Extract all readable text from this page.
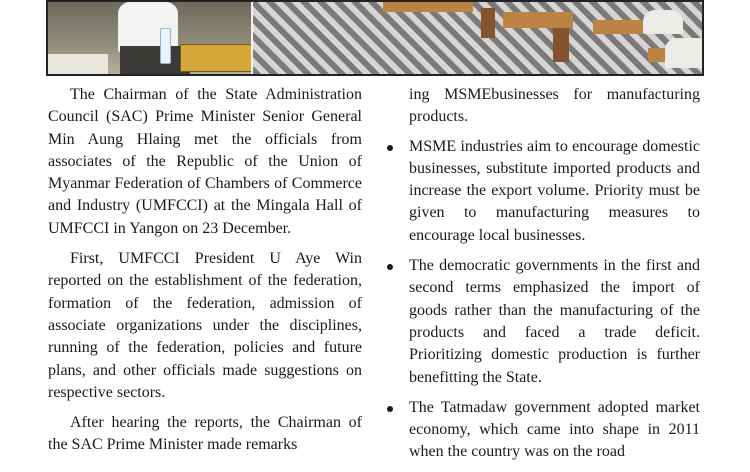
The Chairman of the State Administration Council (SAC) Prime Minister Senior General Min Aung Hlaing met the officials from associates of the Republic of the Union of Myanmar Federation of Chambers of Commerce and Industry (UMFCCI) at the Mingala Hall of UMFCCI in Yangon on 23 December.

First, UMFCCI President U Aye Win reported on the establishment of the federation, formation of the federation, admission of associate organizations under the disciplines, running of the federation, policies and future plans, and other officials made suggestions on respective sectors.

After hearing the reports, the Chairman of the SAC Prime Minister made remarks

ing MSMEbusinesses for manufacturing products.

MSME industries aim to encourage domestic businesses, substitute imported products and increase the export volume. Priority must be given to manufacturing measures to encourage local businesses.
The democratic governments in the first and second terms emphasized the import of goods rather than the manufacturing of the products and faced a trade deficit. Prioritizing domestic production is further benefitting the State.
The Tatmadaw government adopted market economy, which came into shape in 2011 when the country was on the road
